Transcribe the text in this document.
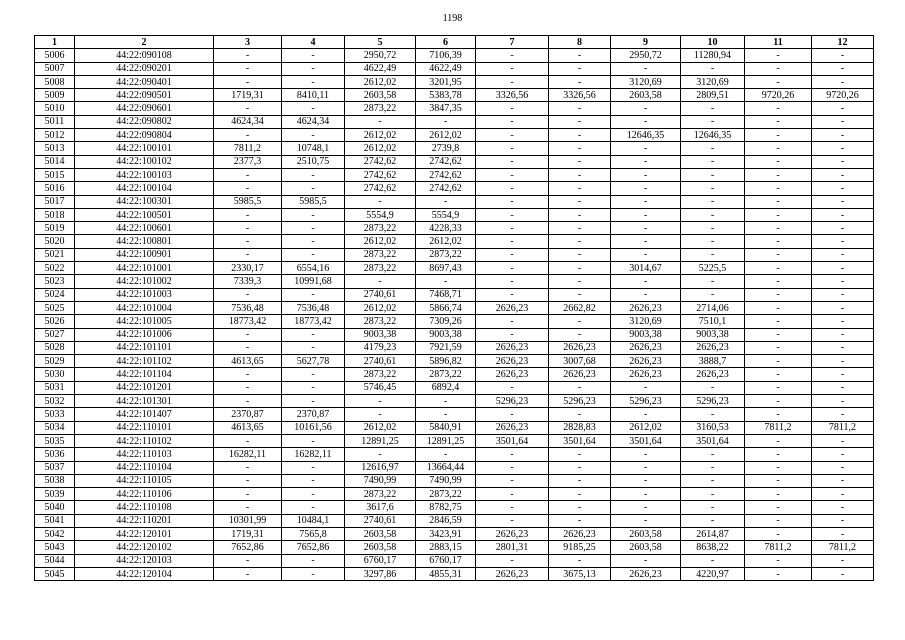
1198
1	2	3	4	5	6	7	8	9	10	11	12
5006	44:22:090108	-	-	2950,72	7106,39	-	-	2950,72	11280,94	-	-
5007	44:22:090201	-	-	4622,49	4622,49	-	-	-	-	-	-
5008	44:22:090401	-	-	2612,02	3201,95	-	-	3120,69	3120,69	-	-
5009	44:22:090501	1719,31	8410,11	2603,58	5383,78	3326,56	3326,56	2603,58	2809,51	9720,26	9720,26
5010	44:22:090601	-	-	2873,22	3847,35	-	-	-	-	-	-
5011	44:22:090802	4624,34	4624,34	-	-	-	-	-	-	-	-
5012	44:22:090804	-	-	2612,02	2612,02	-	-	12646,35	12646,35	-	-
5013	44:22:100101	7811,2	10748,1	2612,02	2739,8	-	-	-	-	-	-
5014	44:22:100102	2377,3	2510,75	2742,62	2742,62	-	-	-	-	-	-
5015	44:22:100103	-	-	2742,62	2742,62	-	-	-	-	-	-
5016	44:22:100104	-	-	2742,62	2742,62	-	-	-	-	-	-
5017	44:22:100301	5985,5	5985,5	-	-	-	-	-	-	-	-
5018	44:22:100501	-	-	5554,9	5554,9	-	-	-	-	-	-
5019	44:22:100601	-	-	2873,22	4228,33	-	-	-	-	-	-
5020	44:22:100801	-	-	2612,02	2612,02	-	-	-	-	-	-
5021	44:22:100901	-	-	2873,22	2873,22	-	-	-	-	-	-
5022	44:22:101001	2330,17	6554,16	2873,22	8697,43	-	-	3014,67	5225,5	-	-
5023	44:22:101002	7339,3	10991,68	-	-	-	-	-	-	-	-
5024	44:22:101003	-	-	2740,61	7468,71	-	-	-	-	-	-
5025	44:22:101004	7536,48	7536,48	2612,02	5866,74	2626,23	2662,82	2626,23	2714,06	-	-
5026	44:22:101005	18773,42	18773,42	2873,22	7309,26	-	-	3120,69	7510,1	-	-
5027	44:22:101006	-	-	9003,38	9003,38	-	-	9003,38	9003,38	-	-
5028	44:22:101101	-	-	4179,23	7921,59	2626,23	2626,23	2626,23	2626,23	-	-
5029	44:22:101102	4613,65	5627,78	2740,61	5896,82	2626,23	3007,68	2626,23	3888,7	-	-
5030	44:22:101104	-	-	2873,22	2873,22	2626,23	2626,23	2626,23	2626,23	-	-
5031	44:22:101201	-	-	5746,45	6892,4	-	-	-	-	-	-
5032	44:22:101301	-	-	-	-	5296,23	5296,23	5296,23	5296,23	-	-
5033	44:22:101407	2370,87	2370,87	-	-	-	-	-	-	-	-
5034	44:22:110101	4613,65	10161,56	2612,02	5840,91	2626,23	2828,83	2612,02	3160,53	7811,2	7811,2
5035	44:22:110102	-	-	12891,25	12891,25	3501,64	3501,64	3501,64	3501,64	-	-
5036	44:22:110103	16282,11	16282,11	-	-	-	-	-	-	-	-
5037	44:22:110104	-	-	12616,97	13664,44	-	-	-	-	-	-
5038	44:22:110105	-	-	7490,99	7490,99	-	-	-	-	-	-
5039	44:22:110106	-	-	2873,22	2873,22	-	-	-	-	-	-
5040	44:22:110108	-	-	3617,6	8782,75	-	-	-	-	-	-
5041	44:22:110201	10301,99	10484,1	2740,61	2846,59	-	-	-	-	-	-
5042	44:22:120101	1719,31	7565,8	2603,58	3423,91	2626,23	2626,23	2603,58	2614,87	-	-
5043	44:22:120102	7652,86	7652,86	2603,58	2883,15	2801,31	9185,25	2603,58	8638,22	7811,2	7811,2
5044	44:22:120103	-	-	6760,17	6760,17	-	-	-	-	-	-
5045	44:22:120104	-	-	3297,86	4855,31	2626,23	3675,13	2626,23	4220,97	-	-
